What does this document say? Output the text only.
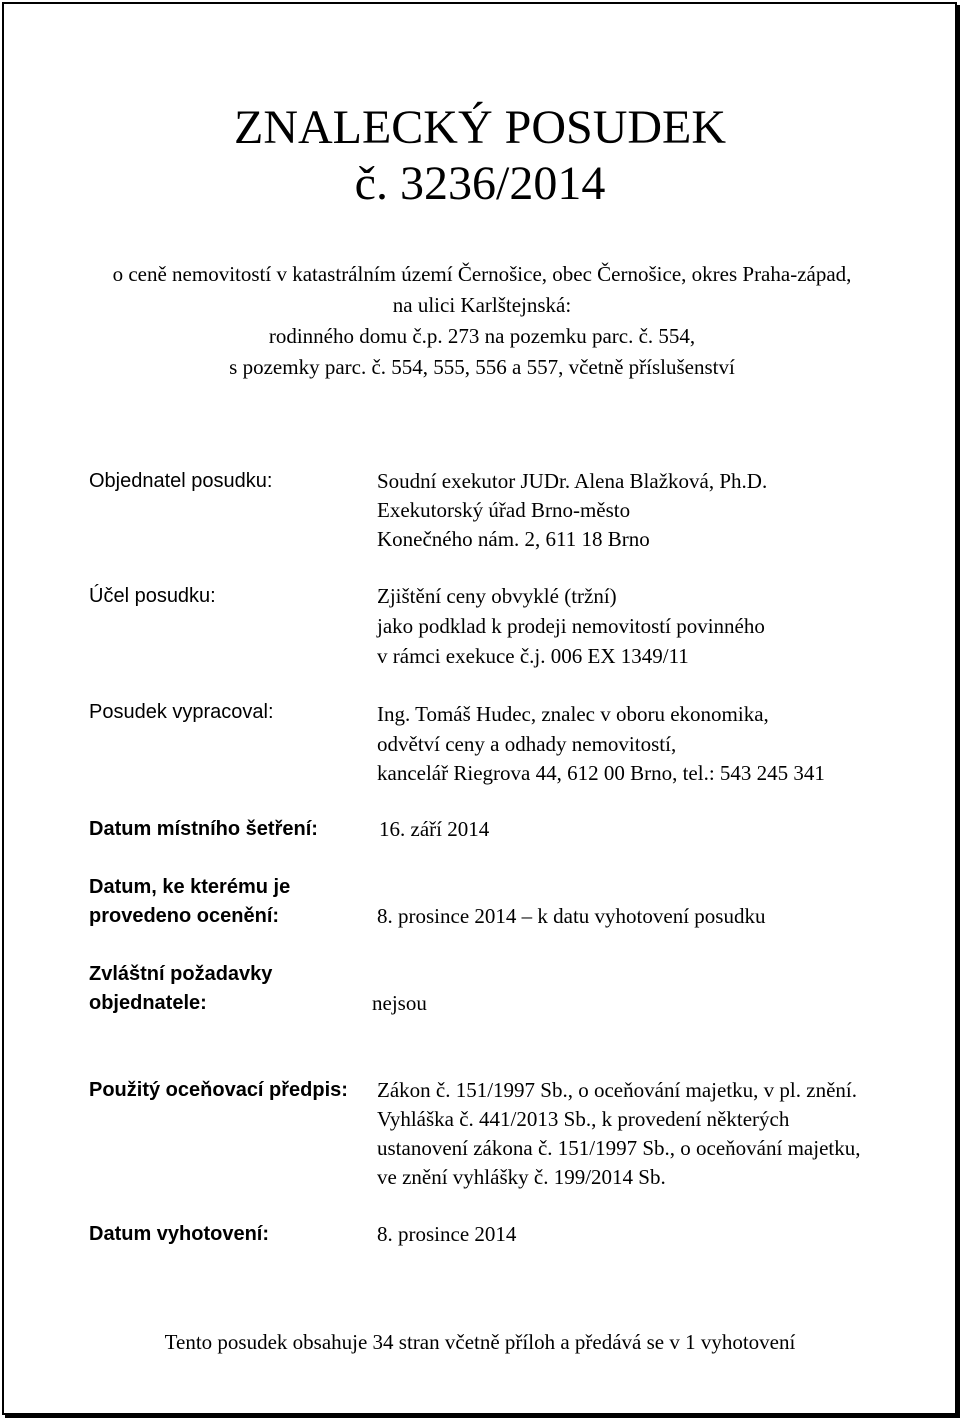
ZNALECKÝ POSUDEK
č. 3236/2014
o ceně nemovitostí v katastrálním území Černošice, obec Černošice, okres Praha-západ,
na ulici Karlštejnská:
rodinného domu č.p. 273 na pozemku parc. č. 554,
s pozemky parc. č. 554, 555, 556 a 557, včetně příslušenství
Objednatel posudku:	Soudní exekutor JUDr. Alena Blažková, Ph.D.
Exekutorský úřad Brno-město
Konečného nám. 2, 611 18 Brno
Účel posudku:	Zjištění ceny obvyklé (tržní)
jako podklad k prodeji nemovitostí povinného
v rámci exekuce č.j. 006 EX 1349/11
Posudek vypracoval:	Ing. Tomáš Hudec, znalec v oboru ekonomika,
odvětví ceny a odhady nemovitostí,
kancelář Riegrova 44, 612 00 Brno, tel.: 543 245 341
Datum místního šetření:	16. září 2014
Datum, ke kterému je
provedeno ocenění:	8. prosince 2014 – k datu vyhotovení posudku
Zvláštní požadavky
objednatele:	nejsou
Použitý oceňovací předpis: Zákon č. 151/1997 Sb., o oceňování majetku, v pl. znění.
Vyhláška č. 441/2013 Sb., k provedení některých
ustanovení zákona č. 151/1997 Sb., o oceňování majetku,
ve znění vyhlášky č. 199/2014 Sb.
Datum vyhotovení:	8. prosince 2014
Tento posudek obsahuje 34 stran včetně příloh a předává se v 1 vyhotovení
